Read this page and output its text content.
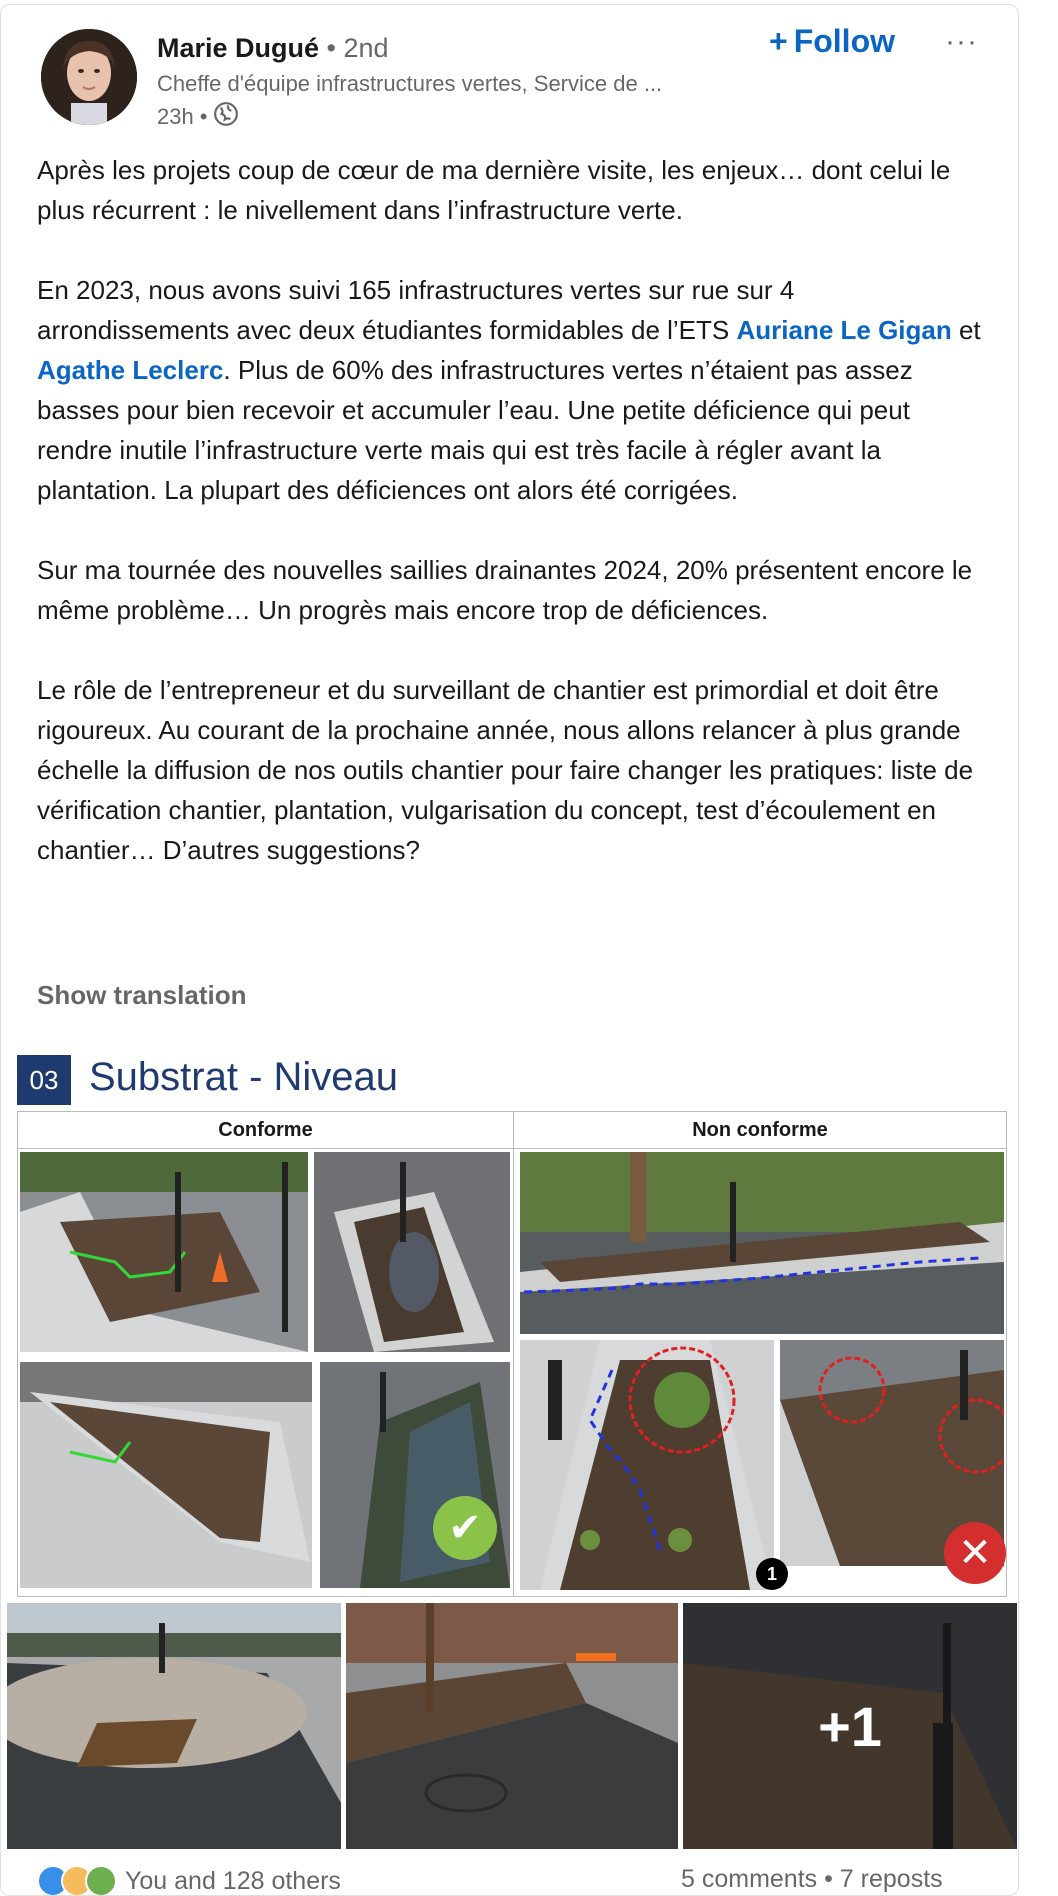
Marie Dugué • 2nd
Cheffe d'équipe infrastructures vertes, Service de ...
23h •
+ Follow ···

Après les projets coup de cœur de ma dernière visite, les enjeux… dont celui le plus récurrent : le nivellement dans l’infrastructure verte.

En 2023, nous avons suivi 165 infrastructures vertes sur rue sur 4 arrondissements avec deux étudiantes formidables de l’ETS Auriane Le Gigan et Agathe Leclerc. Plus de 60% des infrastructures vertes n’étaient pas assez basses pour bien recevoir et accumuler l’eau. Une petite déficience qui peut rendre inutile l’infrastructure verte mais qui est très facile à régler avant la plantation. La plupart des déficiences ont alors été corrigées.

Sur ma tournée des nouvelles saillies drainantes 2024, 20% présentent encore le même problème… Un progrès mais encore trop de déficiences.

Le rôle de l’entrepreneur et du surveillant de chantier est primordial et doit être rigoureux. Au courant de la prochaine année, nous allons relancer à plus grande échelle la diffusion de nos outils chantier pour faire changer les pratiques: liste de vérification chantier, plantation, vulgarisation du concept, test d’écoulement en chantier… D’autres suggestions?

Show translation
03 Substrat - Niveau
Conforme	Non conforme
✔
✕
1
+1
You and 128 others	5 comments • 7 reposts
